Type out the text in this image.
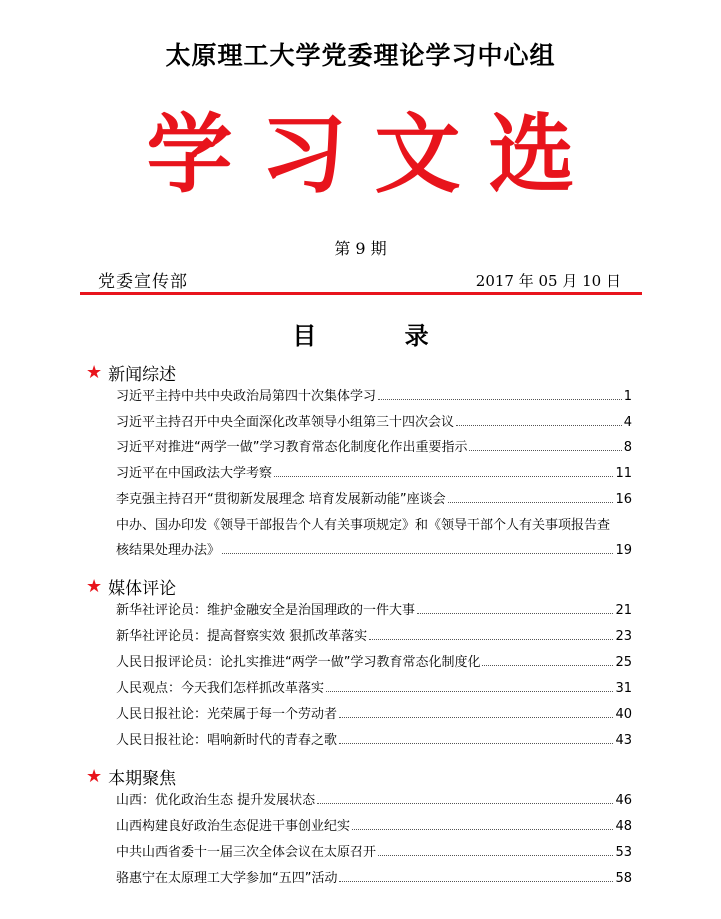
太原理工大学党委理论学习中心组
学习文选
第 9 期
党委宣传部	2017 年 05 月 10 日
目 录
★ 新闻综述
习近平主持中共中央政治局第四十次集体学习	1
习近平主持召开中央全面深化改革领导小组第三十四次会议	4
习近平对推进“两学一做”学习教育常态化制度化作出重要指示	8
习近平在中国政法大学考察	11
李克强主持召开“贯彻新发展理念 培育发展新动能”座谈会	16
中办、国办印发《领导干部报告个人有关事项规定》和《领导干部个人有关事项报告查
核结果处理办法》	19
★ 媒体评论
新华社评论员：维护金融安全是治国理政的一件大事	21
新华社评论员：提高督察实效 狠抓改革落实	23
人民日报评论员：论扎实推进“两学一做”学习教育常态化制度化	25
人民观点：今天我们怎样抓改革落实	31
人民日报社论：光荣属于每一个劳动者	40
人民日报社论：唱响新时代的青春之歌	43
★ 本期聚焦
山西：优化政治生态 提升发展状态	46
山西构建良好政治生态促进干事创业纪实	48
中共山西省委十一届三次全体会议在太原召开	53
骆惠宁在太原理工大学参加“五四”活动	58
